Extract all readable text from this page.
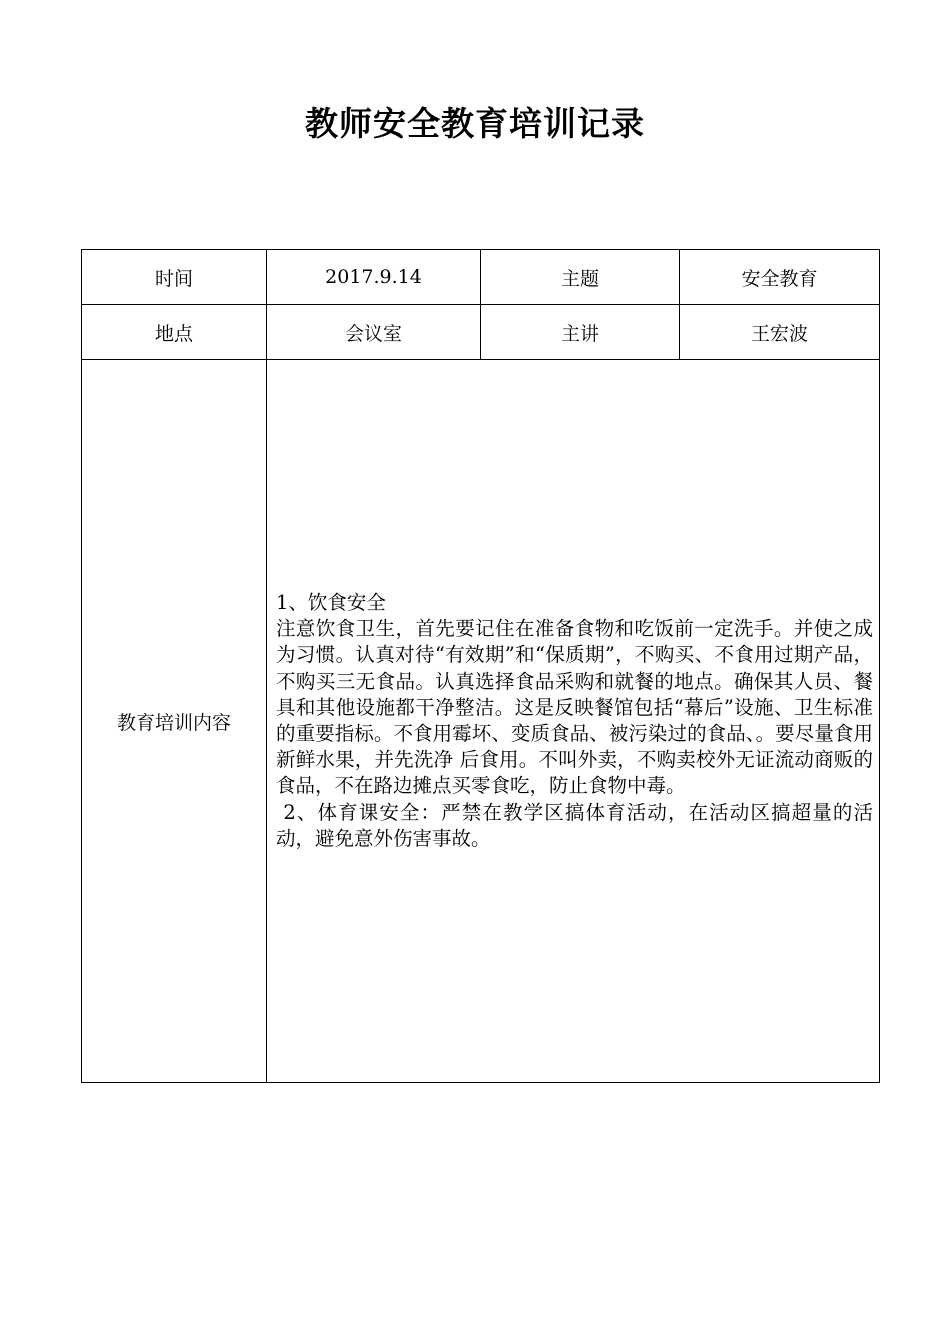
教师安全教育培训记录
时间	2017.9.14	主题	安全教育
地点	会议室	主讲	王宏波
教育培训内容	1、饮食安全
注意饮食卫生，首先要记住在准备食物和吃饭前一定洗手。并使之成为习惯。认真对待“有效期”和“保质期”，不购买、不食用过期产品，不购买三无食品。认真选择食品采购和就餐的地点。确保其人员、餐具和其他设施都干净整洁。这是反映餐馆包括“幕后”设施、卫生标准的重要指标。不食用霉坏、变质食品、被污染过的食品、。要尽量食用新鲜水果，并先洗净 后食用。不叫外卖，不购卖校外无证流动商贩的食品，不在路边摊点买零食吃，防止食物中毒。
2、体育课安全：严禁在教学区搞体育活动，在活动区搞超量的活动，避免意外伤害事故。		
